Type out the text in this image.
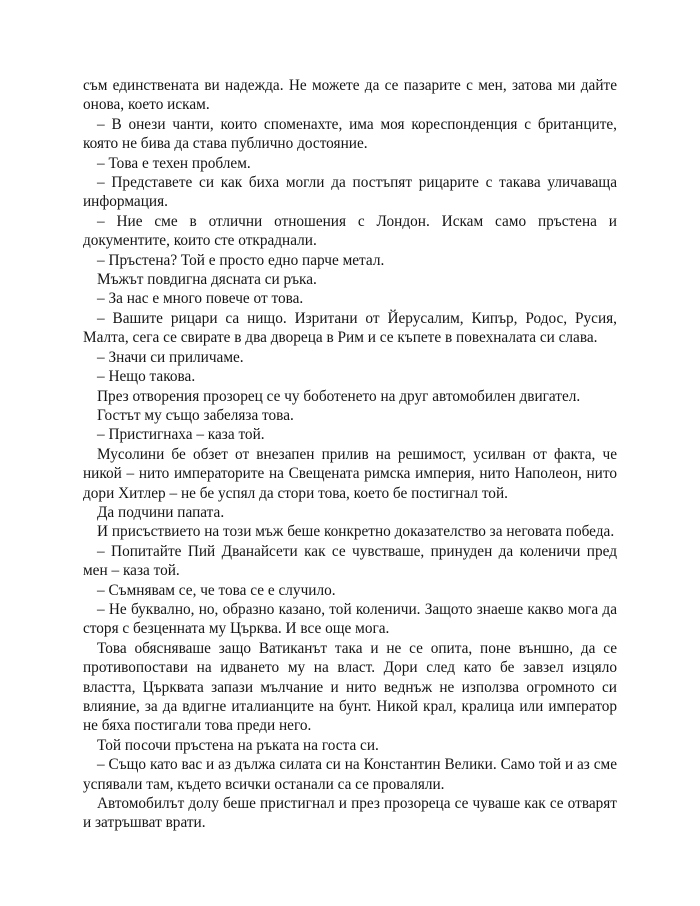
съм единствената ви надежда. Не можете да се пазарите с мен, затова ми дайте онова, което искам.

– В онези чанти, които споменахте, има моя кореспонденция с британците, която не бива да става публично достояние.

– Това е техен проблем.

– Представете си как биха могли да постъпят рицарите с такава уличаваща информация.

– Ние сме в отлични отношения с Лондон. Искам само пръстена и документите, които сте откраднали.

– Пръстена? Той е просто едно парче метал.

Мъжът повдигна дясната си ръка.

– За нас е много повече от това.

– Вашите рицари са нищо. Изритани от Йерусалим, Кипър, Родос, Русия, Малта, сега се свирате в два двореца в Рим и се къпете в повехналата си слава.

– Значи си приличаме.

– Нещо такова.

През отворения прозорец се чу боботенето на друг автомобилен двигател.

Гостът му също забеляза това.

– Пристигнаха – каза той.

Мусолини бе обзет от внезапен прилив на решимост, усилван от факта, че никой – нито императорите на Свещената римска империя, нито Наполеон, нито дори Хитлер – не бе успял да стори това, което бе постигнал той.

Да подчини папата.

И присъствието на този мъж беше конкретно доказателство за неговата победа.

– Попитайте Пий Дванайсети как се чувстваше, принуден да коленичи пред мен – каза той.

– Съмнявам се, че това се е случило.

– Не буквално, но, образно казано, той коленичи. Защото знаеше какво мога да сторя с безценната му Църква. И все още мога.

Това обясняваше защо Ватиканът така и не се опита, поне външно, да се противопостави на идването му на власт. Дори след като бе завзел изцяло властта, Църквата запази мълчание и нито веднъж не използва огромното си влияние, за да вдигне италианците на бунт. Никой крал, кралица или император не бяха постигали това преди него.

Той посочи пръстена на ръката на госта си.

– Също като вас и аз дължа силата си на Константин Велики. Само той и аз сме успявали там, където всички останали са се проваляли.

Автомобилът долу беше пристигнал и през прозореца се чуваше как се отварят и затръшват врати.
